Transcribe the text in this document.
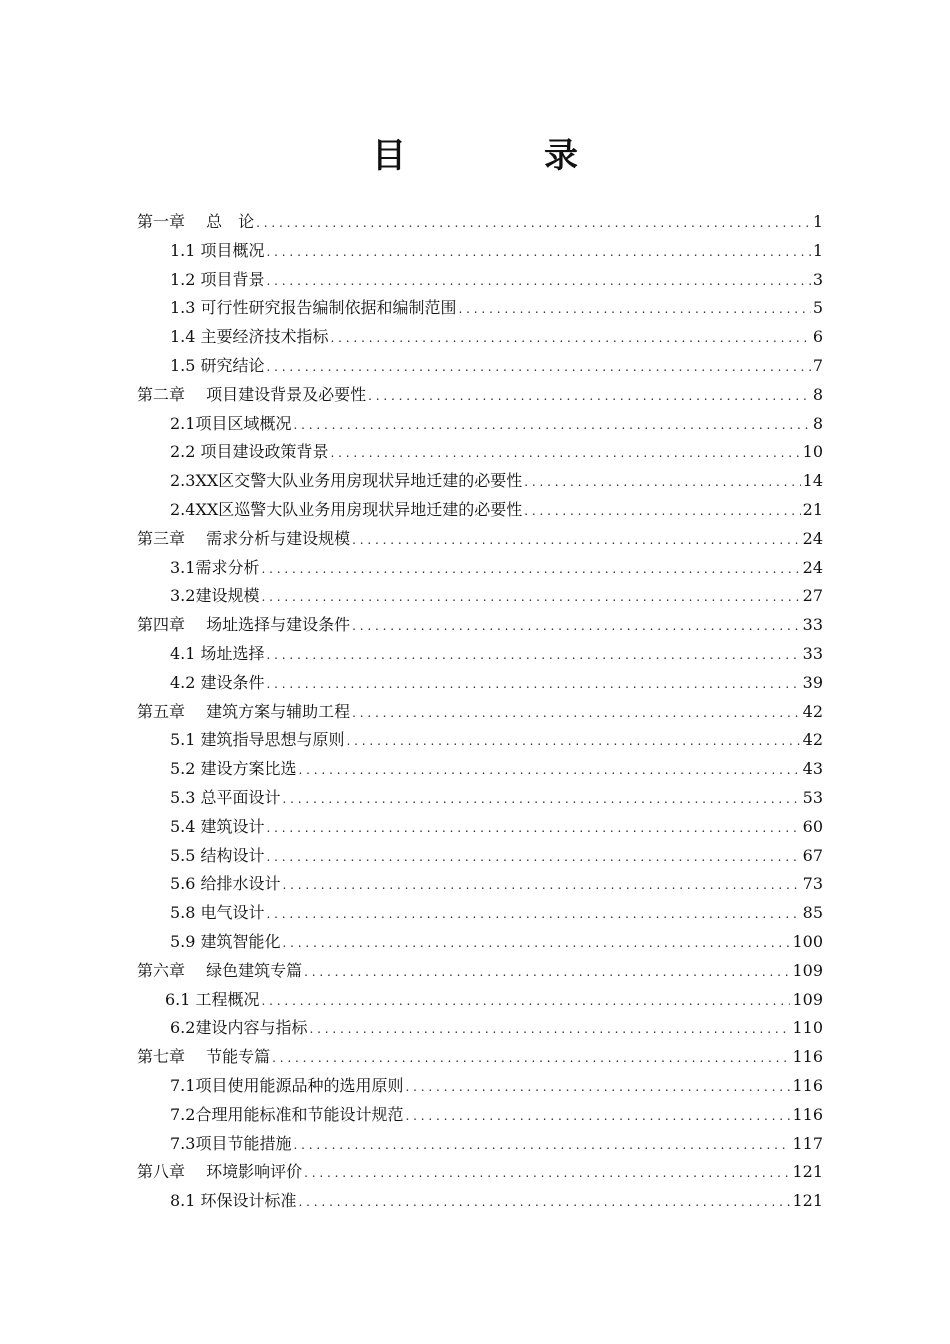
目　录
第一章　 总　论 . . .	1
1.1 项目概况 . . .	1
1.2 项目背景 . . .	3
1.3 可行性研究报告编制依据和编制范围 . . .	5
1.4 主要经济技术指标 . . .	6
1.5 研究结论 . . .	7
第二章　 项目建设背景及必要性 . . .	8
2.1项目区域概况 . . .	8
2.2 项目建设政策背景 . . .	10
2.3XX区交警大队业务用房现状异地迁建的必要性 . . .	14
2.4XX区巡警大队业务用房现状异地迁建的必要性 . . .	21
第三章　 需求分析与建设规模 . . .	24
3.1需求分析 . . .	24
3.2建设规模 . . .	27
第四章　 场址选择与建设条件 . . .	33
4.1 场址选择 . . .	33
4.2 建设条件 . . .	39
第五章　 建筑方案与辅助工程 . . .	42
5.1 建筑指导思想与原则 . . .	42
5.2 建设方案比选 . . .	43
5.3 总平面设计 . . .	53
5.4 建筑设计 . . .	60
5.5 结构设计 . . .	67
5.6 给排水设计 . . .	73
5.8 电气设计 . . .	85
5.9 建筑智能化 . . .	100
第六章　 绿色建筑专篇 . . .	109
6.1 工程概况 . . .	109
6.2建设内容与指标 . . .	110
第七章　 节能专篇 . . .	116
7.1项目使用能源品种的选用原则 . . .	116
7.2合理用能标准和节能设计规范 . . .	116
7.3项目节能措施 . . .	117
第八章　 环境影响评价 . . .	121
8.1 环保设计标准 . . .	121
